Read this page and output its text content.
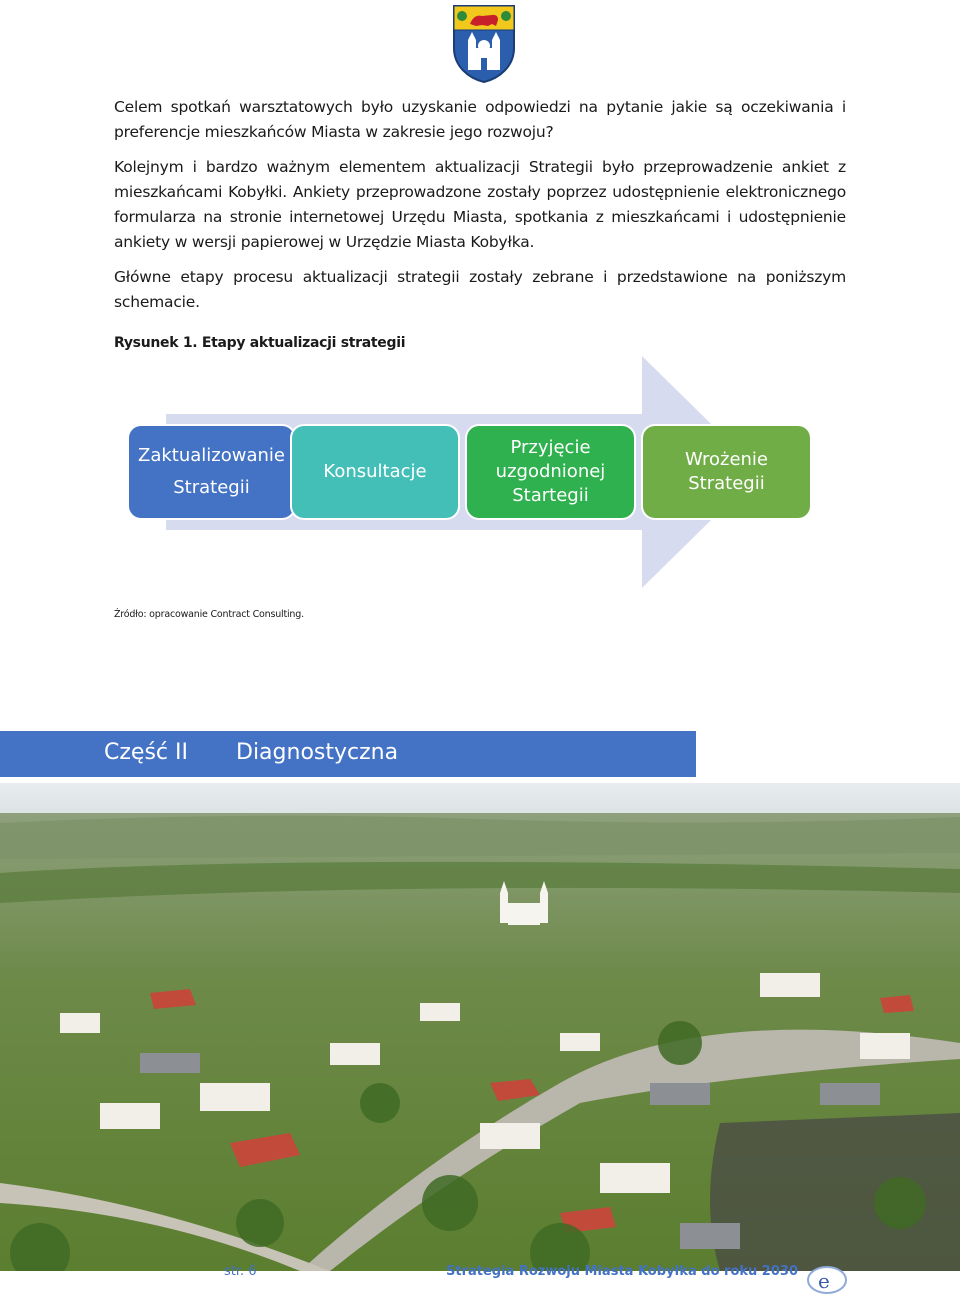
Celem spotkań warsztatowych było uzyskanie odpowiedzi na pytanie jakie są oczekiwania i preferencje mieszkańców Miasta w zakresie jego rozwoju?

Kolejnym i bardzo ważnym elementem aktualizacji Strategii było przeprowadzenie ankiet z mieszkańcami Kobyłki. Ankiety przeprowadzone zostały poprzez udostępnienie elektronicznego formularza na stronie internetowej Urzędu Miasta, spotkania z mieszkańcami i udostępnienie ankiety w wersji papierowej w Urzędzie Miasta Kobyłka.

Główne etapy procesu aktualizacji strategii zostały zebrane i przedstawione na poniższym schemacie.

Rysunek 1. Etapy aktualizacji strategii
Zaktualizowanie
Strategii
Konsultacje
Przyjęcie
uzgodnionej
Startegii
Wrożenie
Strategii
Źródło: opracowanie Contract Consulting.
Część II Diagnostyczna
str. 6	Strategia Rozwoju Miasta Kobyłka do roku 2030 e
